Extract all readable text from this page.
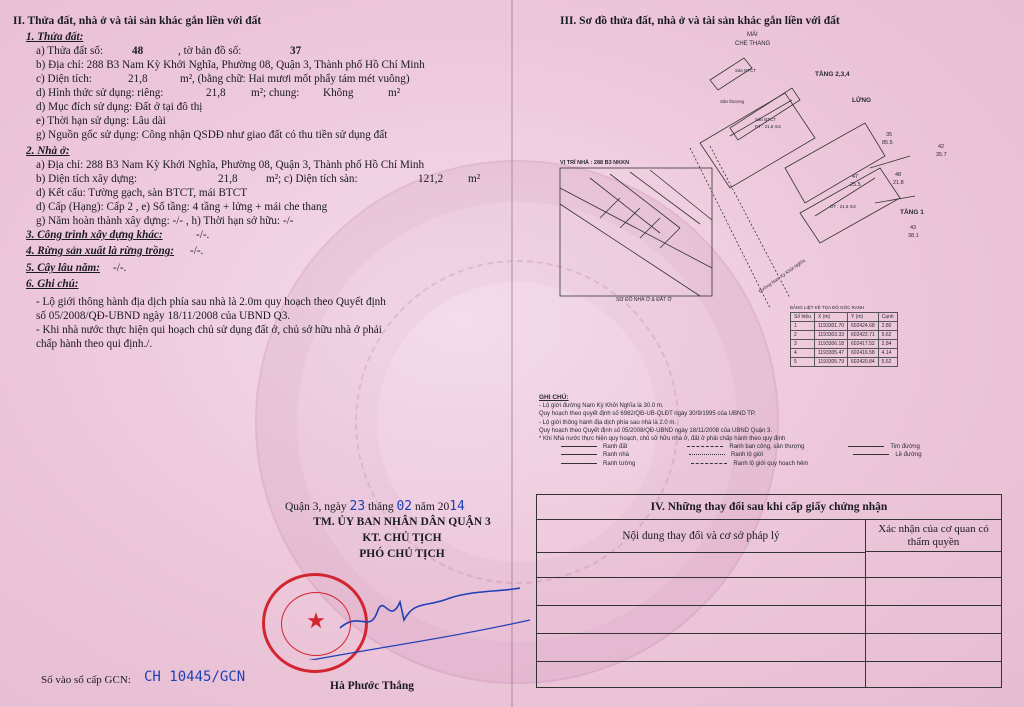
II. Thửa đất, nhà ở và tài sản khác gắn liền với đất
1. Thửa đất:
a) Thửa đất số:	48	, tờ bản đồ số:	37
b) Địa chỉ: 288 B3 Nam Kỳ Khởi Nghĩa, Phường 08, Quận 3, Thành phố Hồ Chí Minh
c) Diện tích:	21,8	m², (bằng chữ: Hai mươi mốt phẩy tám mét vuông)
d) Hình thức sử dụng: riêng:	21,8 m²; chung: Không	m²
d) Mục đích sử dụng: Đất ở tại đô thị
e) Thời hạn sử dụng: Lâu dài
g) Nguồn gốc sử dụng: Công nhận QSDĐ như giao đất có thu tiền sử dụng đất
2. Nhà ở:
a) Địa chỉ: 288 B3 Nam Kỳ Khởi Nghĩa, Phường 08, Quận 3, Thành phố Hồ Chí Minh
b) Diện tích xây dựng:	21,8	m²; c) Diện tích sàn:	121,2 m²
d) Kết cấu: Tường gạch, sàn BTCT, mái BTCT
d) Cấp (Hạng): Cấp 2 , e) Số tầng: 4 tầng + lửng + mái che thang
g) Năm hoàn thành xây dựng: -/- , h) Thời hạn sở hữu: -/-
3. Công trình xây dựng khác:	-/-.
4. Rừng sản xuất là rừng trồng: -/-.
5. Cây lâu năm: -/-.
6. Ghi chú:
- Lộ giới thông hành địa dịch phía sau nhà là 2.0m quy hoạch theo Quyết định
số 05/2008/QĐ-UBND ngày 18/11/2008 của UBND Q3.
- Khi nhà nước thực hiện qui hoạch chủ sử dụng đất ở, chủ sở hữu nhà ở phải
chấp hành theo qui định./.
Quận 3, ngày 23 tháng 02 năm 2014
TM. ỦY BAN NHÂN DÂN QUẬN 3
KT. CHỦ TỊCH
PHÓ CHỦ TỊCH
★
Số vào sổ cấp GCN: CH 10445/GCN
Hà Phước Thắng
III. Sơ đồ thửa đất, nhà ở và tài sản khác gắn liền với đất
MÁI
CHE THANG
TẦNG 2,3,4
LỬNG
TẦNG 1
VỊ TRÍ NHÀ : 288 B3 NKKN
SƠ ĐỒ NHÀ Ở & ĐẤT Ở
Sân thượng
Sàn BTCT
Sàn BTCT
DT : 21,8 m2
DT : 21,8 m2
Đường Nam Kỳ Khởi Nghĩa
35
85.5
42
35.7
48
21.8
47
25.5
43
38.1
BẢNG LIỆT KÊ TỌA ĐỘ GÓC RANH
Số hiệu	X (m)	Y (m)	Cạnh
1	1193301.70	602424.68	2.80
2	1193303.33	602422.71	5.62
3	1193306.18	602417.52	2.84
4	1193305.47	602416.58	4.14
5	1193305.79	602420.84	5.62
GHI CHÚ:
- Lộ giới đường Nam Kỳ Khởi Nghĩa là 30.0 m.
Quy hoạch theo quyết định số 6982/QĐ-UB-QLĐT ngày 30/9/1995 của UBND TP.
- Lộ giới thông hành địa dịch phía sau nhà là 2.0 m.
Quy hoạch theo Quyết định số 05/2008/QĐ-UBND ngày 18/11/2008 của UBND Quận 3.
* Khi Nhà nước thực hiện quy hoạch, chủ sở hữu nhà ở, đất ở phải chấp hành theo quy định
Ranh đất	Ranh ban công, sân thượng	Tim đường
Ranh nhà	Ranh lộ giới	Lề đường
Ranh tường	Ranh lộ giới quy hoạch hẻm
IV. Những thay đổi sau khi cấp giấy chứng nhận
Nội dung thay đổi và cơ sở pháp lý
Xác nhận của cơ quan có thẩm quyền
